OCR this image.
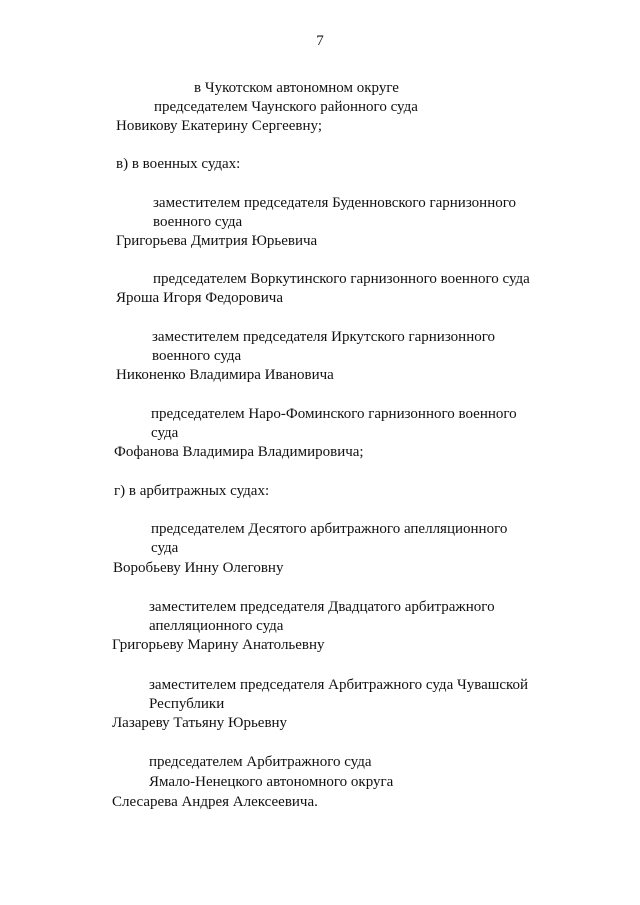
7
в Чукотском автономном округе
председателем Чаунского районного суда
Новикову Екатерину Сергеевну;
в) в военных судах:
заместителем председателя Буденновского гарнизонного
военного суда
Григорьева Дмитрия Юрьевича
председателем Воркутинского гарнизонного военного суда
Яроша Игоря Федоровича
заместителем председателя Иркутского гарнизонного
военного суда
Никоненко Владимира Ивановича
председателем Наро-Фоминского гарнизонного военного
суда
Фофанова Владимира Владимировича;
г) в арбитражных судах:
председателем Десятого арбитражного апелляционного
суда
Воробьеву Инну Олеговну
заместителем председателя Двадцатого арбитражного
апелляционного суда
Григорьеву Марину Анатольевну
заместителем председателя Арбитражного суда Чувашской
Республики
Лазареву Татьяну Юрьевну
председателем Арбитражного суда
Ямало-Ненецкого автономного округа
Слесарева Андрея Алексеевича.
